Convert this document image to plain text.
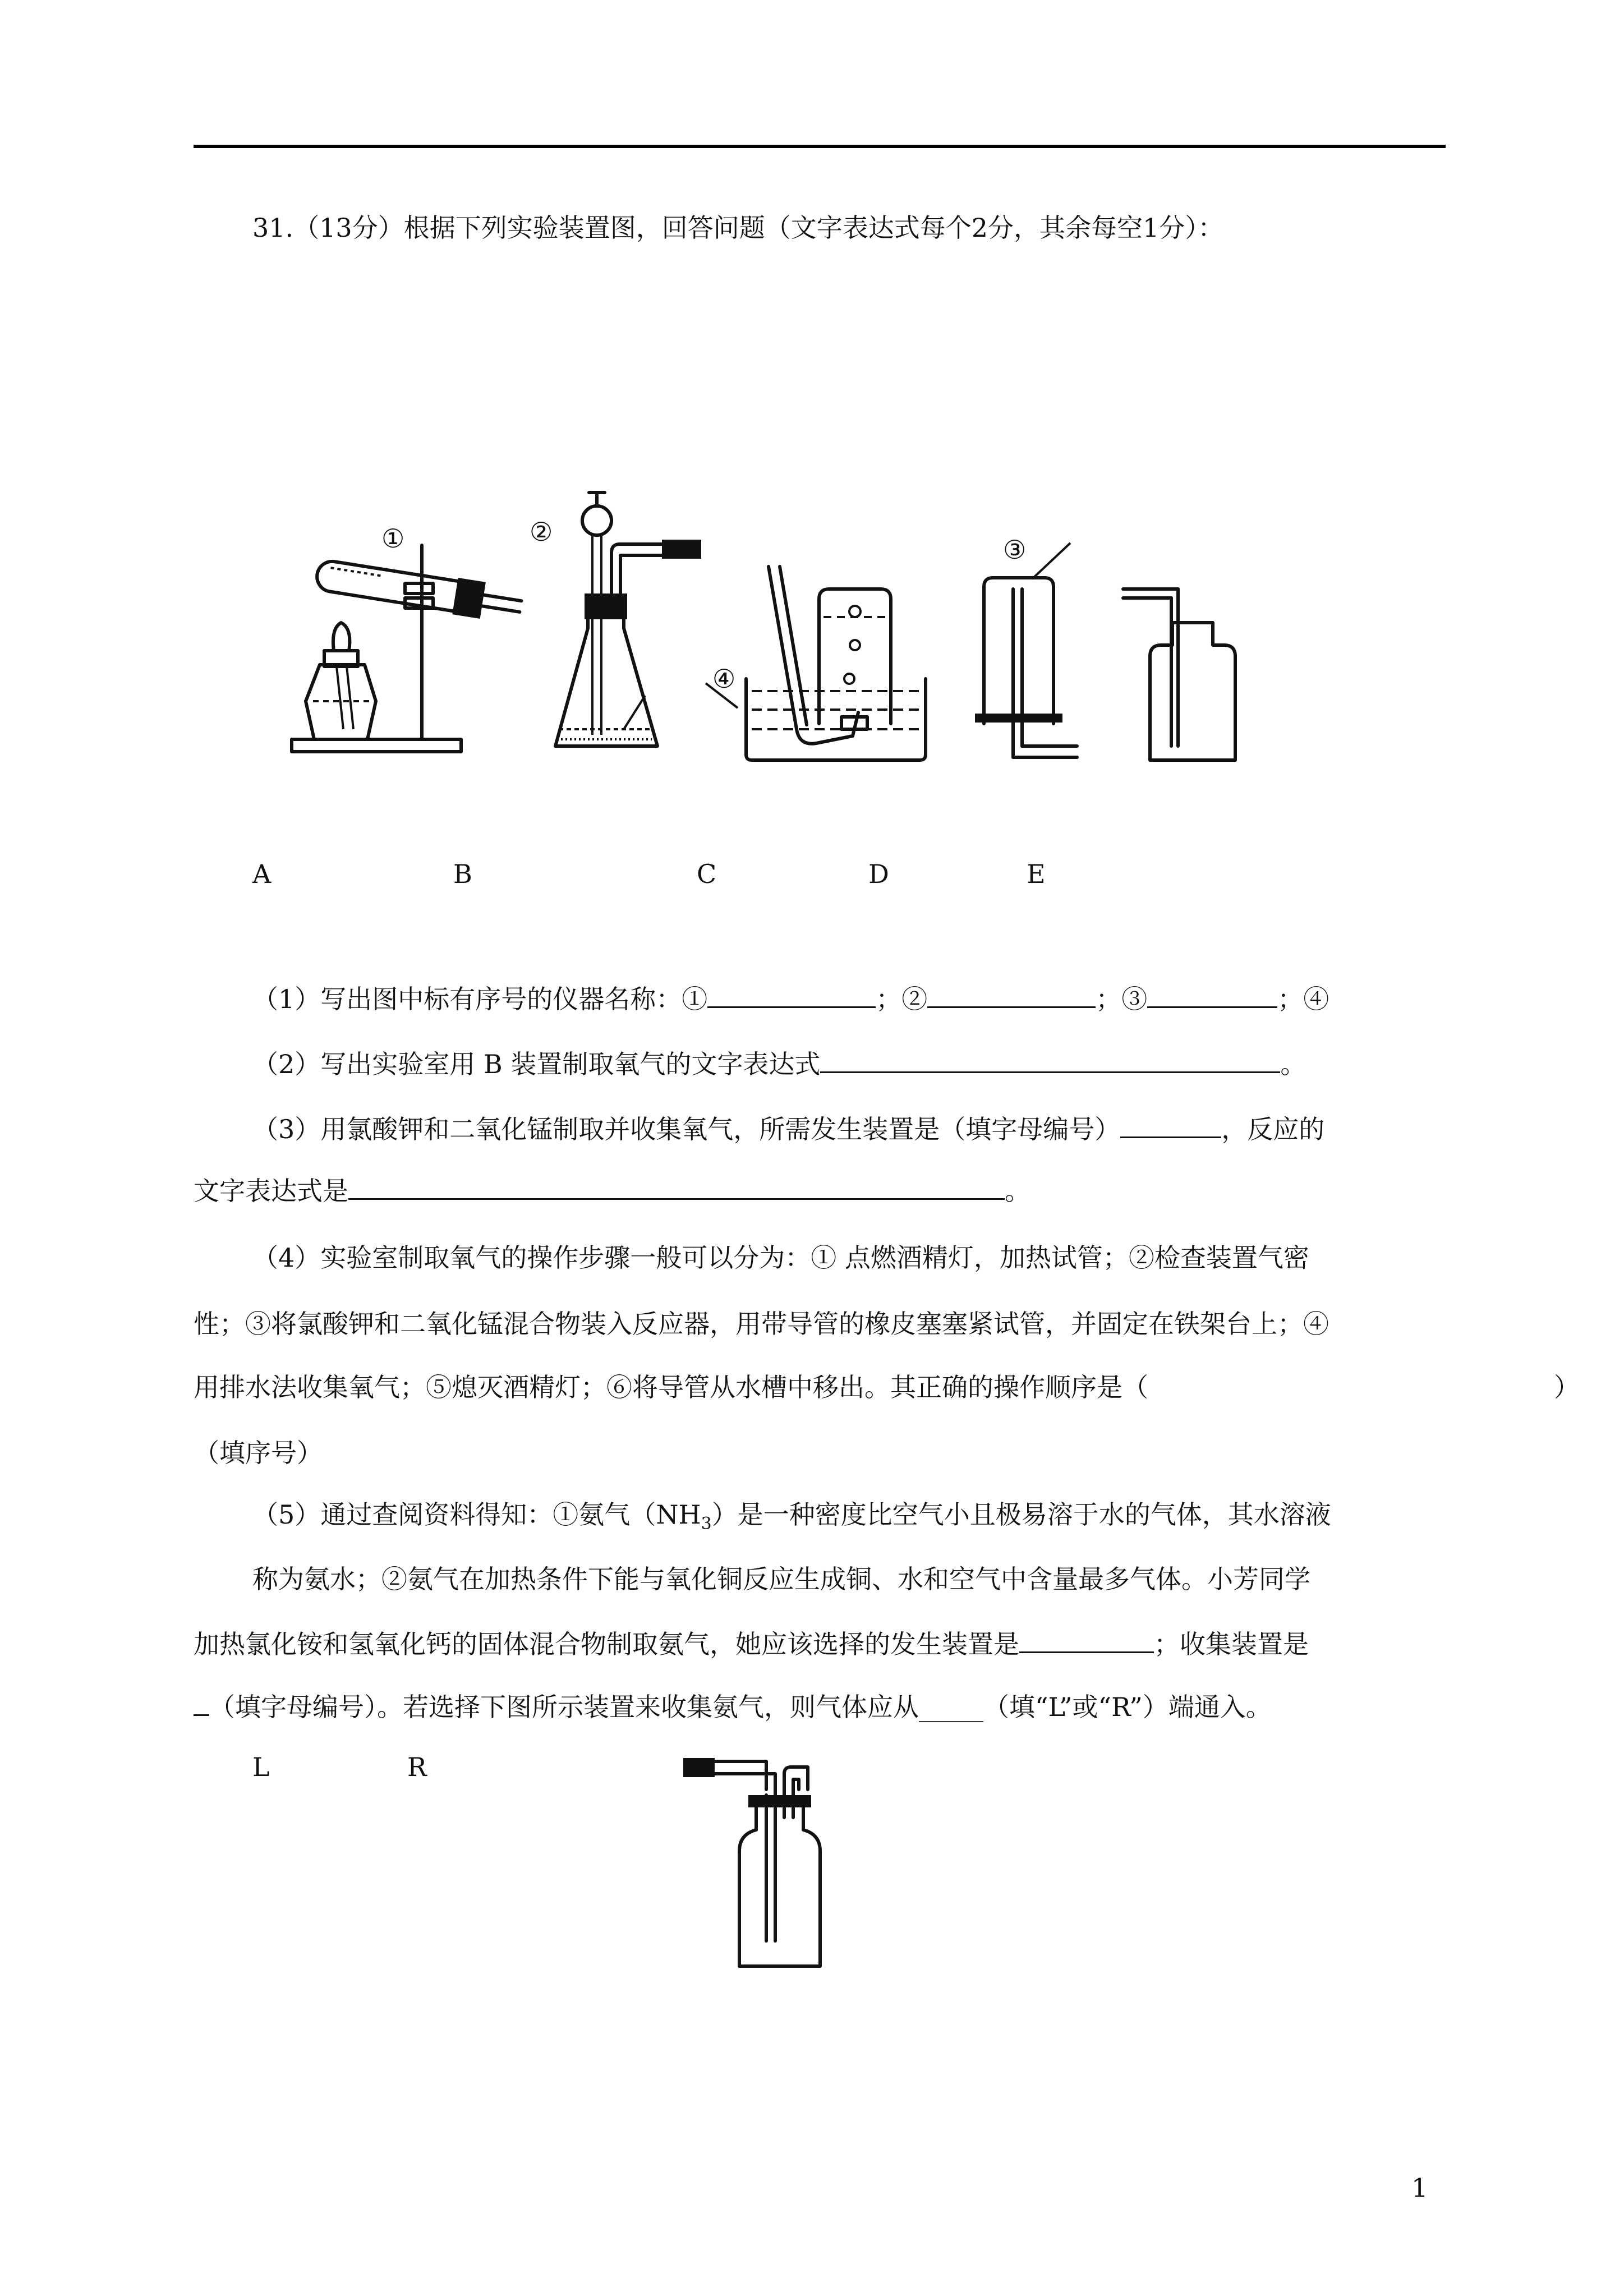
31.（13分）根据下列实验装置图，回答问题（文字表达式每个2分，其余每空1分）：
①	②
③
④
A	B	C	D	E
（1）写出图中标有序号的仪器名称：①	；②	；③	；④
（2）写出实验室用 B 装置制取氧气的文字表达式	。
（3）用氯酸钾和二氧化锰制取并收集氧气，所需发生装置是（填字母编号）	，反应的
文字表达式是	。
（4）实验室制取氧气的操作步骤一般可以分为：① 点燃酒精灯，加热试管；②检查装置气密
性；③将氯酸钾和二氧化锰混合物装入反应器，用带导管的橡皮塞塞紧试管，并固定在铁架台上；④
用排水法收集氧气；⑤熄灭酒精灯；⑥将导管从水槽中移出。其正确的操作顺序是（	）
（填序号）
（5）通过查阅资料得知：①氨气$(NH_3)$是一种密度比空气小且极易溶于水的气体，其水溶液
称为氨水；②氨气在加热条件下能与氧化铜反应生成铜、水和空气中含量最多气体。小芳同学
加热氯化铵和氢氧化钙的固体混合物制取氨气，她应该选择的发生装置是	；收集装置是
（填字母编号）。若选择下图所示装置来收集氨气，则气体应从_____（填“L”或“R”）端通入。
L	R
1
